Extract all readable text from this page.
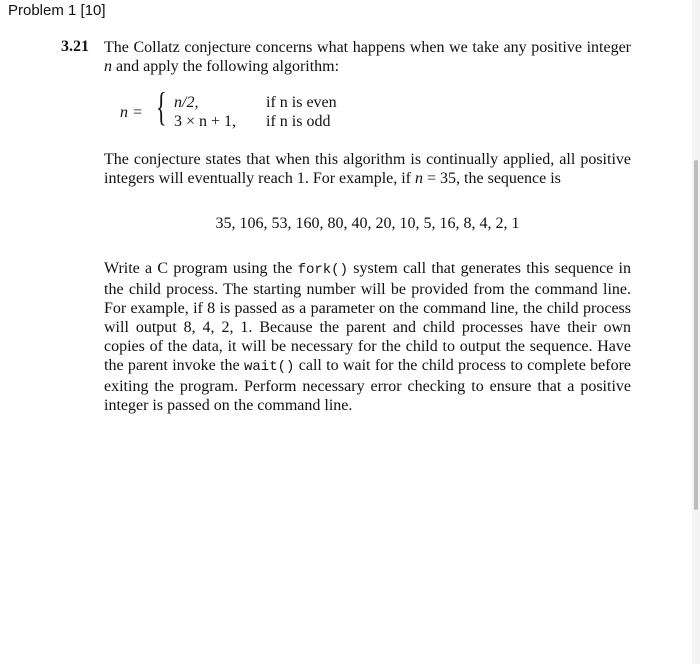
Problem 1 [10]
3.21 The Collatz conjecture concerns what happens when we take any positive integer n and apply the following algorithm:

n = { n/2,	if n is even
3 × n + 1, if n is odd

The conjecture states that when this algorithm is continually applied, all positive integers will eventually reach 1. For example, if n = 35, the sequence is

35, 106, 53, 160, 80, 40, 20, 10, 5, 16, 8, 4, 2, 1

Write a C program using the fork() system call that generates this sequence in the child process. The starting number will be provided from the command line. For example, if 8 is passed as a parameter on the command line, the child process will output 8, 4, 2, 1. Because the parent and child processes have their own copies of the data, it will be necessary for the child to output the sequence. Have the parent invoke the wait() call to wait for the child process to complete before exiting the program. Perform necessary error checking to ensure that a positive integer is passed on the command line.
